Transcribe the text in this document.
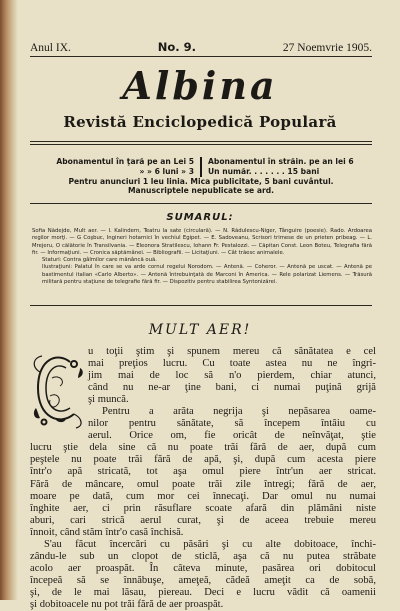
Anul IX.	No. 9.	27 Noemvrie 1905.
Albina
Revistă Enciclopedică Populară
Abonamentul în ţară pe an Lei 5
» » 6 luni » 3
Abonamentul în străin. pe an lei 6
Un număr. . . . . . . 15 bani
Pentru anunciuri 1 leu linia. Mica publicitate, 5 bani cuvântul.
Manuscriptele nepublicate se ard.
SUMARUL:

Sofia Nădejde, Mult aer. — I. Kalindern, Teatru la sate (circulară). — N. Rădulescu-Niger, Tânguire (poesie). Rado. Ardoarea regilor morţi. — G Coşbuc, Ingineri hotarnici în vechiul Egipet. — E. Sadoveanu, Scrisori trimese de un prieten pribeag. — L. Mrejeru, O călătorie în Transilvania. — Eleonora Stratilescu, Iohann Fr. Pestalozzi. — Căpitan Const. Leon Boteu, Telegrafia fără fir. — Informaţiuni. — Cronica săptămânei. — Bibliografii. — Licitaţiuni. — Cât trăesc animalele.

Staturi: Contra gâlmilor care mănâncă ouă.

Ilustraţiuni: Palatul în care se va arde cornul regelui Norodom. — Antenă. — Coheror. — Antenă pe uscat. — Antenă pe bastimentul italian «Carlo Alberto». — Antenă întrebuinţată de Marconi în America. — Rele polarizat Liemens. — Trăsură militară pentru staţiune de telegrafie fără fir. — Dispozitiv pentru stabilirea Syntonizărei.

MULT AER!
u toţii ştim şi spunem mereu că sănătatea e cel
mai preţios lucru. Cu toate astea nu ne îngri-
jim mai de loc să n'o pierdem, chiar atunci,
când nu ne-ar ţine bani, ci numai puţină grijă
şi muncă.
Pentru a arăta negrija şi nepăsarea oame-
nilor pentru sănătate, să începem întâiu cu
aerul. Orice om, fie oricât de neînvăţat, ştie
lucru ştie dela sine că nu poate trăi fără de aer, după cum
peştele nu poate trăi fără de apă, şi, după cum acesta piere
într'o apă stricată, tot aşa omul piere într'un aer stricat.
Fără de mâncare, omul poate trăi zile întregi; fără de aer,
moare pe dată, cum mor cei înnecaţi. Dar omul nu numai
înghite aer, ci prin răsuflare scoate afară din plămâni niste
aburi, cari strică aerul curat, şi de aceea trebuie mereu
înnoit, când stăm într'o casă închisă.
S'au făcut încercări cu păsări şi cu alte dobitoace, închi-
zându-le sub un clopot de sticlă, aşa că nu putea străbate
acolo aer proaspăt. În câteva minute, pasărea ori dobitocul
începeă să se înnăbuşe, ameţeă, cădeă ameţit ca de sobă,
şi, de le mai lăsau, piereau. Deci e lucru vădit că oamenii
şi dobitoacele nu pot trăi fără de aer proaspăt.
